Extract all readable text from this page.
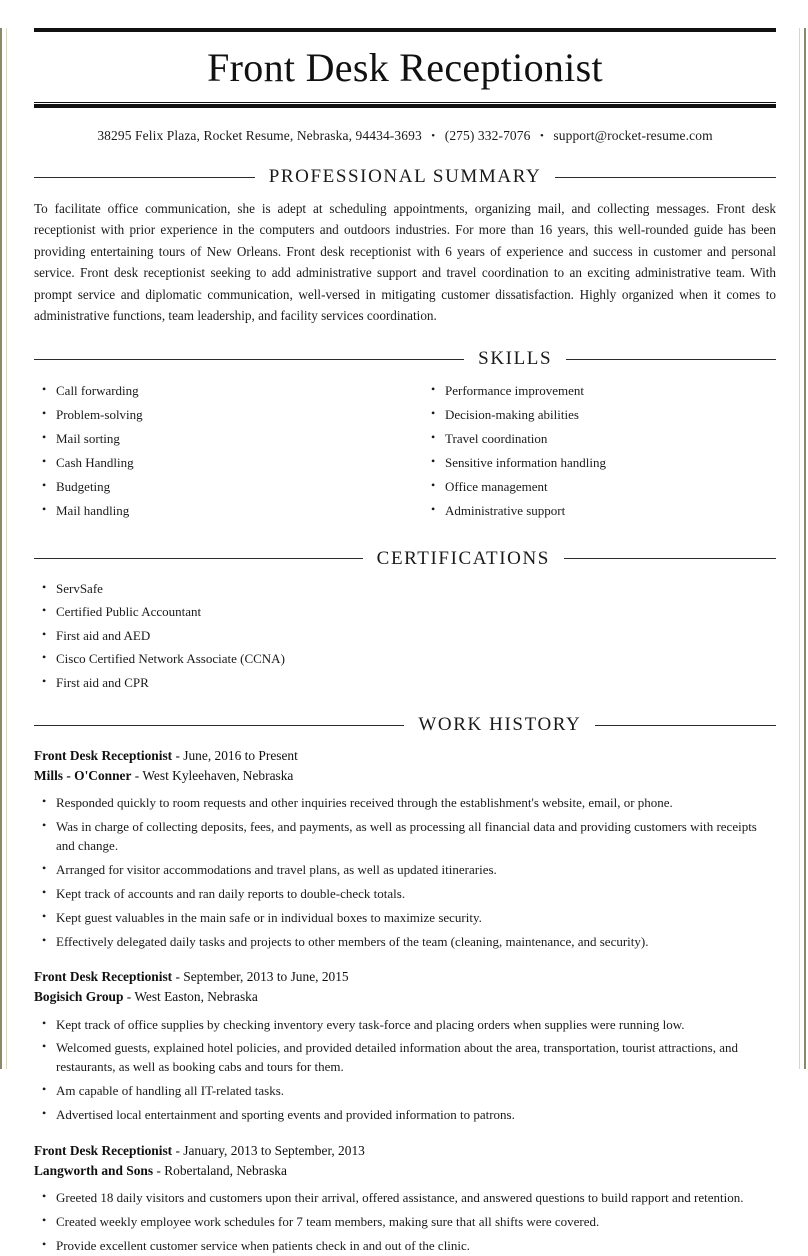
Front Desk Receptionist
38295 Felix Plaza, Rocket Resume, Nebraska, 94434-3693 • (275) 332-7076 • support@rocket-resume.com
PROFESSIONAL SUMMARY

To facilitate office communication, she is adept at scheduling appointments, organizing mail, and collecting messages. Front desk receptionist with prior experience in the computers and outdoors industries. For more than 16 years, this well-rounded guide has been providing entertaining tours of New Orleans. Front desk receptionist with 6 years of experience and success in customer and personal service. Front desk receptionist seeking to add administrative support and travel coordination to an exciting administrative team. With prompt service and diplomatic communication, well-versed in mitigating customer dissatisfaction. Highly organized when it comes to administrative functions, team leadership, and facility services coordination.

SKILLS
• Call forwarding
• Problem-solving
• Mail sorting
• Cash Handling
• Budgeting
• Mail handling
• Performance improvement
• Decision-making abilities
• Travel coordination
• Sensitive information handling
• Office management
• Administrative support
CERTIFICATIONS
• ServSafe
• Certified Public Accountant
• First aid and AED
• Cisco Certified Network Associate (CCNA)
• First aid and CPR
WORK HISTORY
Front Desk Receptionist - June, 2016 to Present
Mills - O'Conner - West Kyleehaven, Nebraska
• Responded quickly to room requests and other inquiries received through the establishment's website, email, or phone.
• Was in charge of collecting deposits, fees, and payments, as well as processing all financial data and providing customers with receipts and change.
• Arranged for visitor accommodations and travel plans, as well as updated itineraries.
• Kept track of accounts and ran daily reports to double-check totals.
• Kept guest valuables in the main safe or in individual boxes to maximize security.
• Effectively delegated daily tasks and projects to other members of the team (cleaning, maintenance, and security).
Front Desk Receptionist - September, 2013 to June, 2015
Bogisich Group - West Easton, Nebraska
• Kept track of office supplies by checking inventory every task-force and placing orders when supplies were running low.
• Welcomed guests, explained hotel policies, and provided detailed information about the area, transportation, tourist attractions, and restaurants, as well as booking cabs and tours for them.
• Am capable of handling all IT-related tasks.
• Advertised local entertainment and sporting events and provided information to patrons.
Front Desk Receptionist - January, 2013 to September, 2013
Langworth and Sons - Robertaland, Nebraska
• Greeted 18 daily visitors and customers upon their arrival, offered assistance, and answered questions to build rapport and retention.
• Created weekly employee work schedules for 7 team members, making sure that all shifts were covered.
• Provide excellent customer service when patients check in and out of the clinic.
